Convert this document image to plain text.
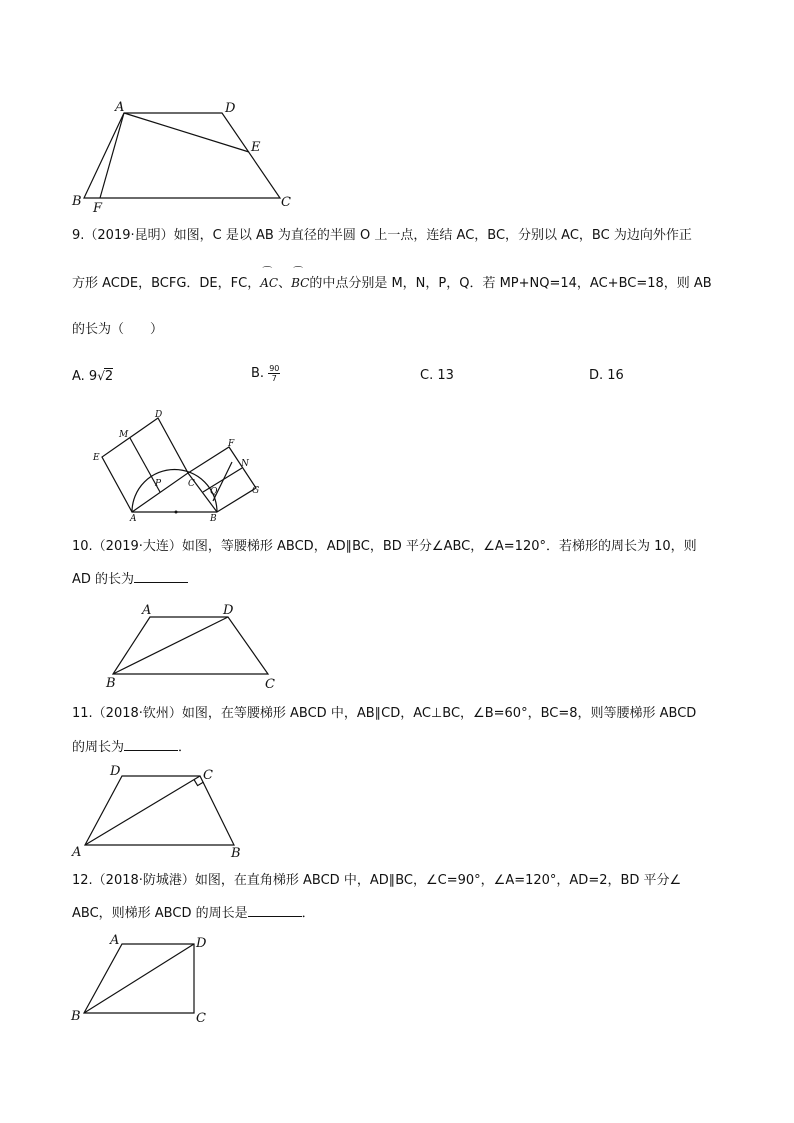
A	D
E
B F	C
9.（2019·昆明）如图，C 是以 AB 为直径的半圆 O 上一点，连结 AC，BC，分别以 AC，BC 为边向外作正
方形 ACDE，BCFG．DE，FC，⌒ AC、⌒ BC的中点分别是 M，N，P，Q．若 MP+NQ=14，AC+BC=18，则 AB
的长为（　　）
A. 9√2	B. $\frac{90}{7}$	C. 13	D. 16
D
M
F
N
E
C
P
Q	G
A	B
10.（2019·大连）如图，等腰梯形 ABCD，AD∥BC，BD 平分∠ABC，∠A=120°．若梯形的周长为 10，则
AD 的长为
A	D
B	C
11.（2018·钦州）如图，在等腰梯形 ABCD 中，AB∥CD，AC⊥BC，∠B=60°，BC=8，则等腰梯形 ABCD
的周长为	．
D	C
A	B
12.（2018·防城港）如图，在直角梯形 ABCD 中，AD∥BC，∠C=90°，∠A=120°，AD=2，BD 平分∠
ABC，则梯形 ABCD 的周长是	．
A	D
B	C
